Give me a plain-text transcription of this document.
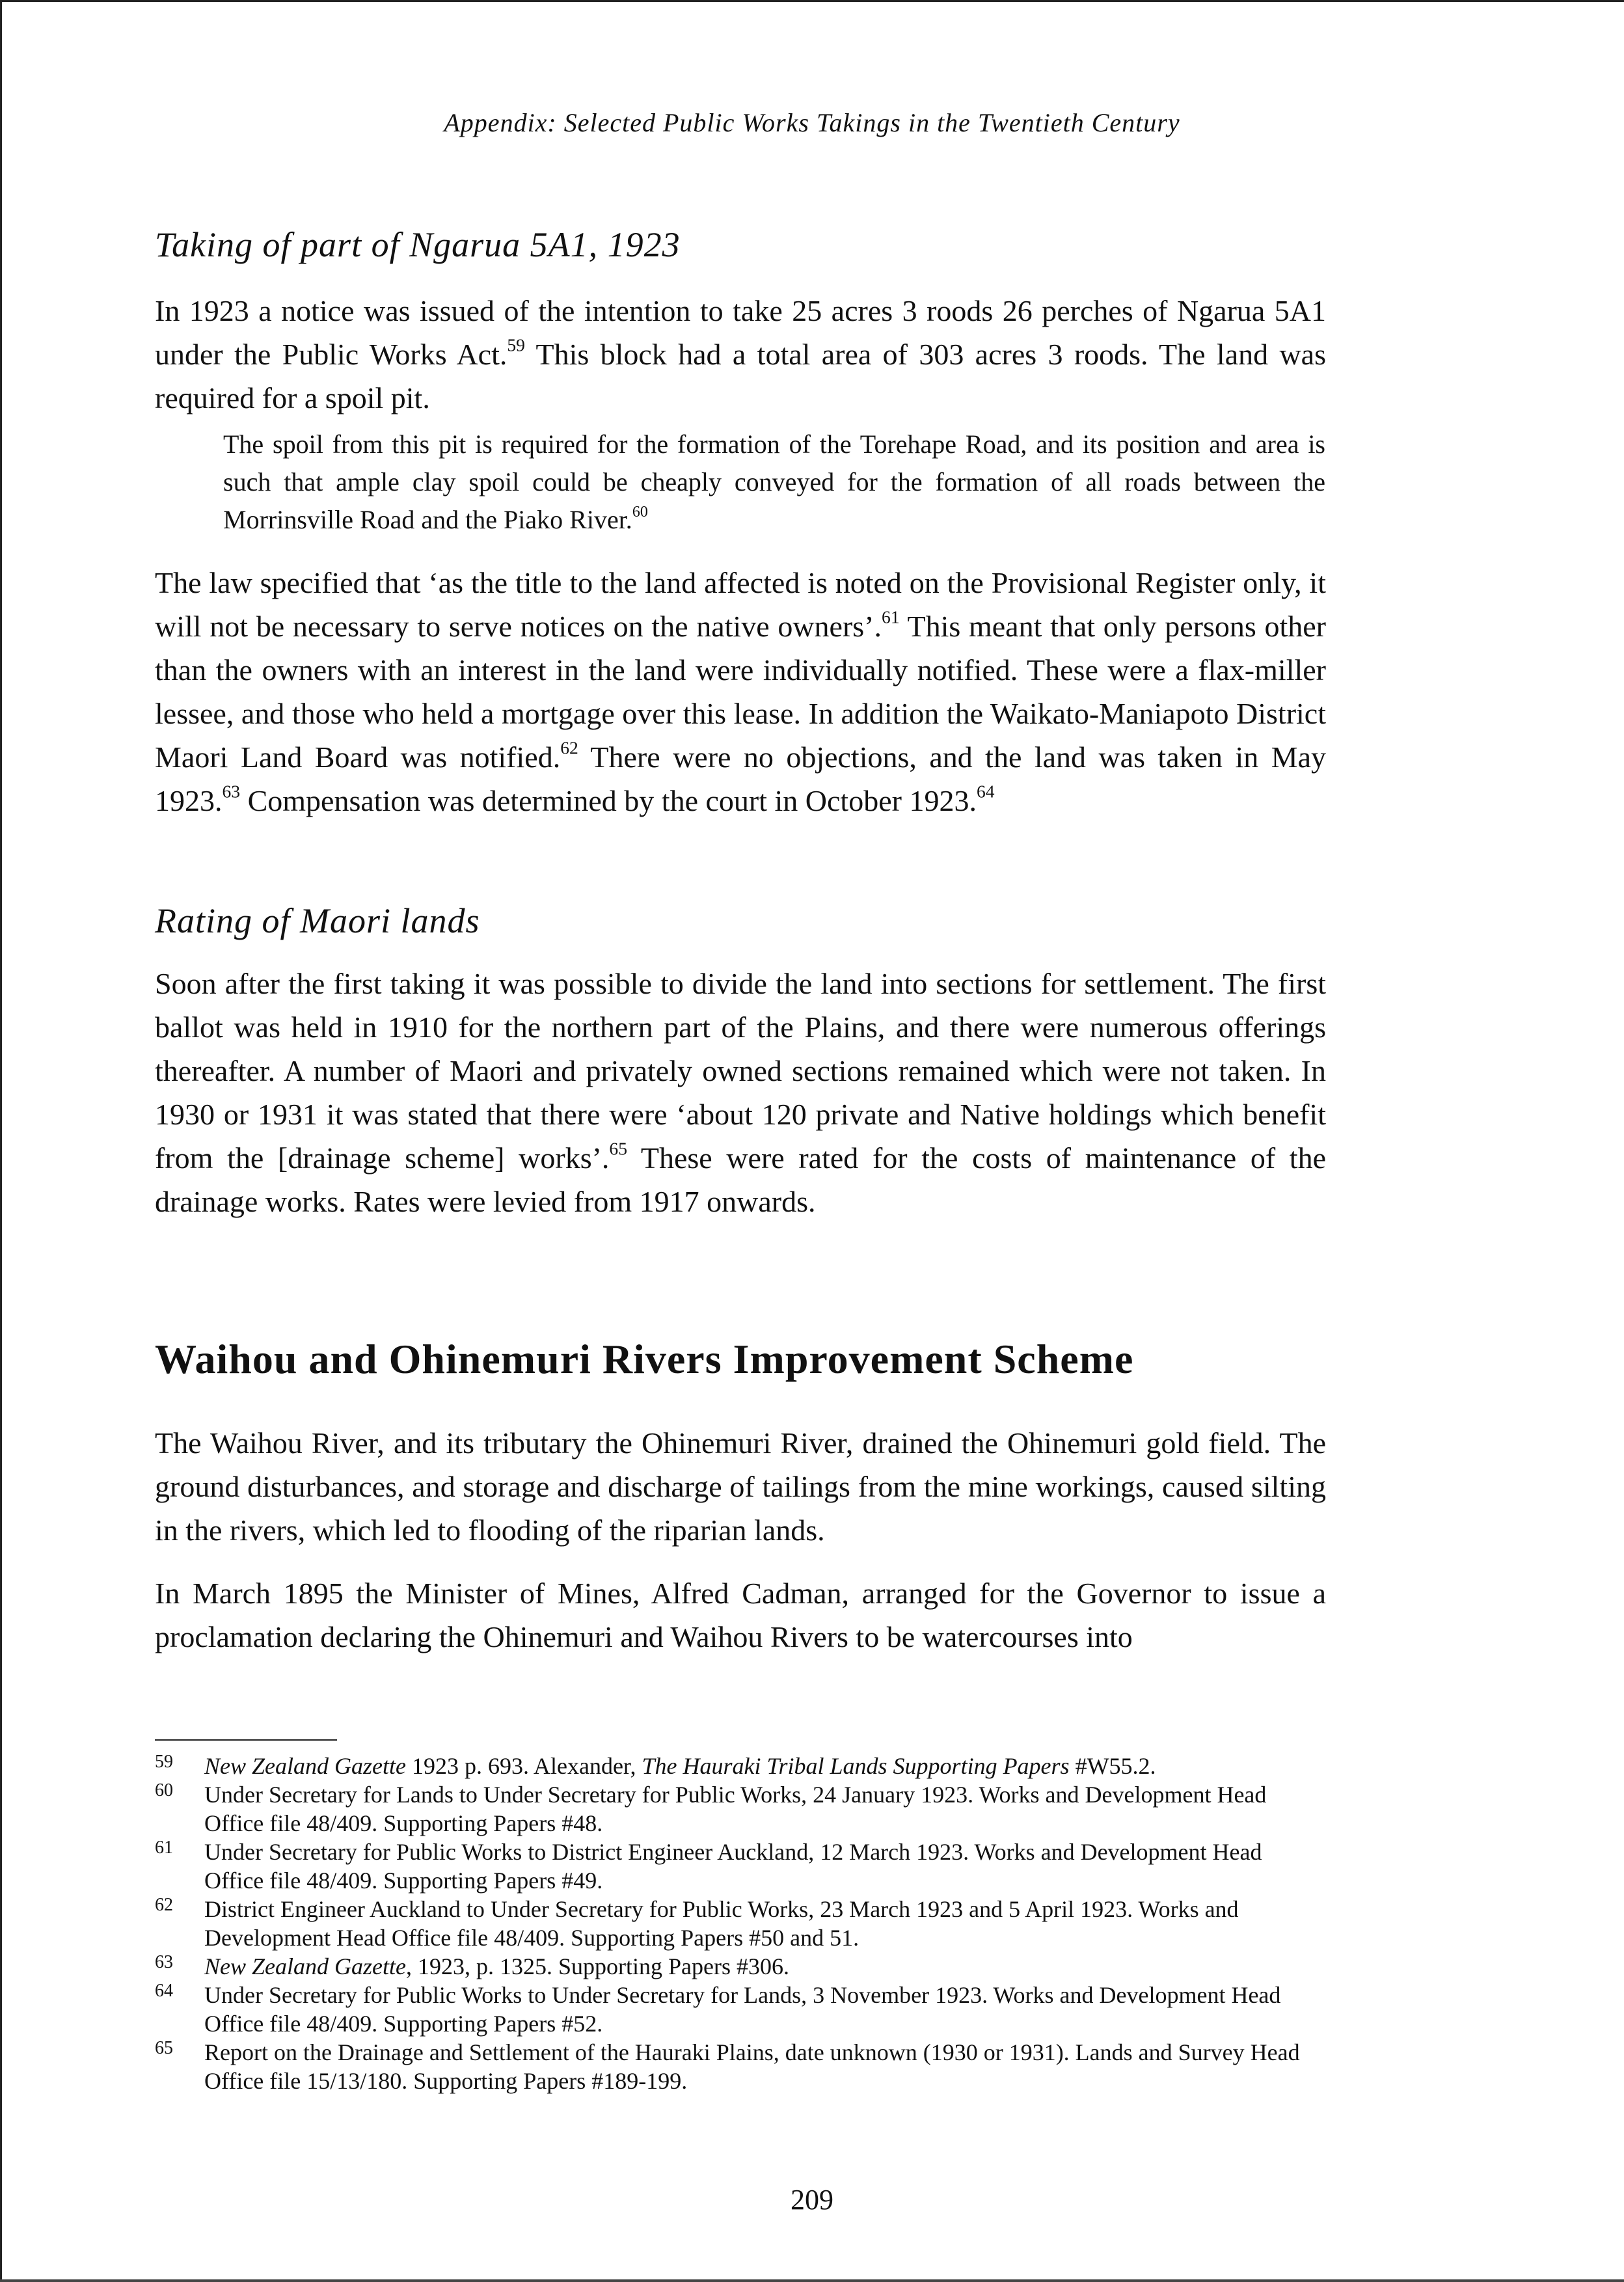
Appendix: Selected Public Works Takings in the Twentieth Century
Taking of part of Ngarua 5A1, 1923

In 1923 a notice was issued of the intention to take 25 acres 3 roods 26 perches of Ngarua 5A1 under the Public Works Act.$^{59}$ This block had a total area of 303 acres 3 roods. The land was required for a spoil pit.

The spoil from this pit is required for the formation of the Torehape Road, and its position and area is such that ample clay spoil could be cheaply conveyed for the formation of all roads between the Morrinsville Road and the Piako River.$^{60}$

The law specified that ‘as the title to the land affected is noted on the Provisional Register only, it will not be necessary to serve notices on the native owners’.$^{61}$ This meant that only persons other than the owners with an interest in the land were individually notified. These were a flax-miller lessee, and those who held a mortgage over this lease. In addition the Waikato-Maniapoto District Maori Land Board was notified.$^{62}$ There were no objections, and the land was taken in May 1923.63 Compensation was determined by the court in October 1923.64

Rating of Maori lands

Soon after the first taking it was possible to divide the land into sections for settlement. The first ballot was held in 1910 for the northern part of the Plains, and there were numerous offerings thereafter. A number of Maori and privately owned sections remained which were not taken. In 1930 or 1931 it was stated that there were ‘about 120 private and Native holdings which benefit from the [drainage scheme] works’.$^{65}$ These were rated for the costs of maintenance of the drainage works. Rates were levied from 1917 onwards.

Waihou and Ohinemuri Rivers Improvement Scheme

The Waihou River, and its tributary the Ohinemuri River, drained the Ohinemuri gold field. The ground disturbances, and storage and discharge of tailings from the mine workings, caused silting in the rivers, which led to flooding of the riparian lands.

In March 1895 the Minister of Mines, Alfred Cadman, arranged for the Governor to issue a proclamation declaring the Ohinemuri and Waihou Rivers to be watercourses into

59 New Zealand Gazette 1923 p. 693. Alexander, The Hauraki Tribal Lands Supporting Papers #W55.2.

60 Under Secretary for Lands to Under Secretary for Public Works, 24 January 1923. Works and Development Head Office file 48/409. Supporting Papers #48.

61 Under Secretary for Public Works to District Engineer Auckland, 12 March 1923. Works and Development Head Office file 48/409. Supporting Papers #49.

62 District Engineer Auckland to Under Secretary for Public Works, 23 March 1923 and 5 April 1923. Works and Development Head Office file 48/409. Supporting Papers #50 and 51.

63 New Zealand Gazette, 1923, p. 1325. Supporting Papers #306.

64 Under Secretary for Public Works to Under Secretary for Lands, 3 November 1923. Works and Development Head Office file 48/409. Supporting Papers #52.

65 Report on the Drainage and Settlement of the Hauraki Plains, date unknown (1930 or 1931). Lands and Survey Head Office file 15/13/180. Supporting Papers #189-199.

209
